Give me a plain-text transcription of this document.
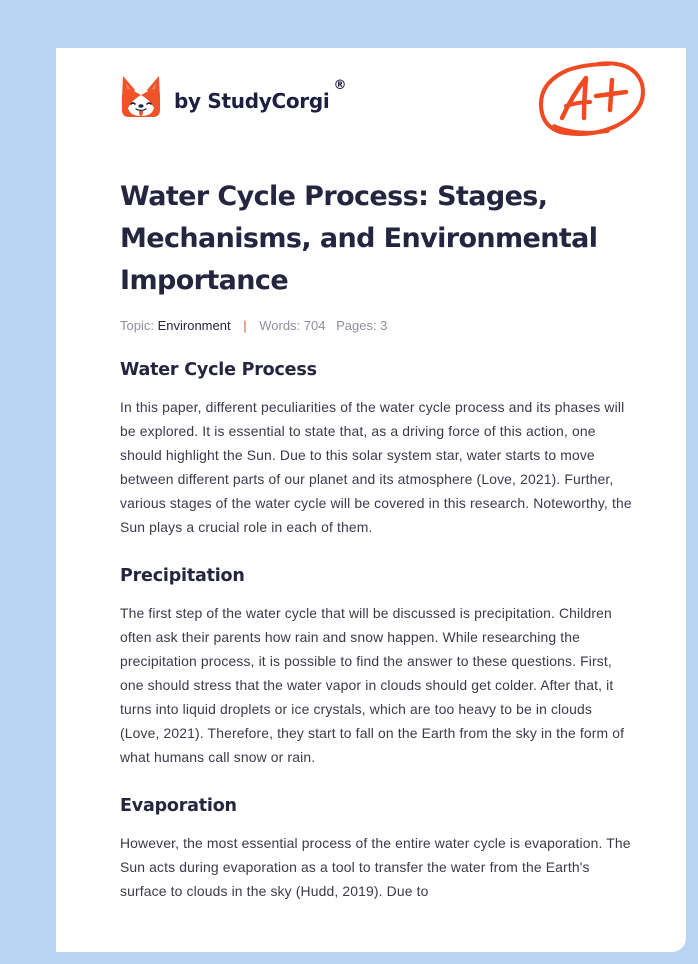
by StudyCorgi
®
Water Cycle Process: Stages, Mechanisms, and Environmental Importance
Topic: Environment | Words: 704 Pages: 3
Water Cycle Process

In this paper, different peculiarities of the water cycle process and its phases will be explored. It is essential to state that, as a driving force of this action, one should highlight the Sun. Due to this solar system star, water starts to move between different parts of our planet and its atmosphere (Love, 2021). Further, various stages of the water cycle will be covered in this research. Noteworthy, the Sun plays a crucial role in each of them.

Precipitation

The first step of the water cycle that will be discussed is precipitation. Children often ask their parents how rain and snow happen. While researching the precipitation process, it is possible to find the answer to these questions. First, one should stress that the water vapor in clouds should get colder. After that, it turns into liquid droplets or ice crystals, which are too heavy to be in clouds (Love, 2021). Therefore, they start to fall on the Earth from the sky in the form of what humans call snow or rain.

Evaporation

However, the most essential process of the entire water cycle is evaporation. The Sun acts during evaporation as a tool to transfer the water from the Earth's surface to clouds in the sky (Hudd, 2019). Due to
